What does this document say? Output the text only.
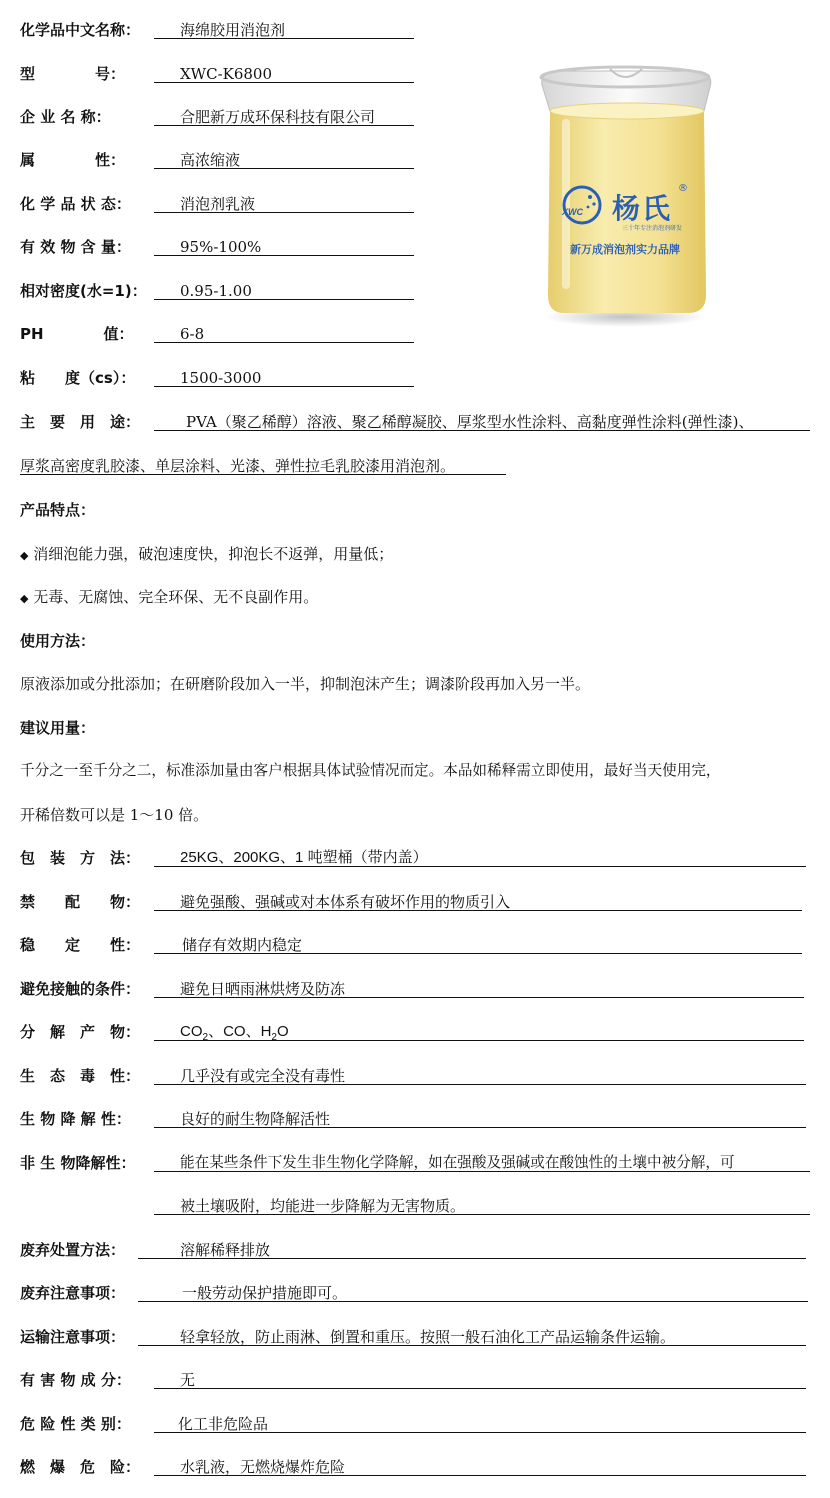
化学品中文名称：	海绵胶用消泡剂
型　　　　号：	XWC-K6800
企 业 名 称：	合肥新万成环保科技有限公司
属　　　　性：	高浓缩液
化 学 品 状 态：	消泡剂乳液
有 效 物 含 量：	95%-100%
相对密度(水=1)： 0.95-1.00
PH　　　　值：	6-8
粘　　度（cs）：	1500-3000
XWC 杨氏
®
三十年专注消泡剂研发
新万成消泡剂实力品牌
主　要　用　途：	PVA（聚乙稀醇）溶液、聚乙稀醇凝胶、厚浆型水性涂料、高黏度弹性涂料(弹性漆)、
厚浆高密度乳胶漆、单层涂料、光漆、弹性拉毛乳胶漆用消泡剂。
产品特点：
◆ 消细泡能力强，破泡速度快，抑泡长不返弹，用量低；
◆ 无毒、无腐蚀、完全环保、无不良副作用。
使用方法：
原液添加或分批添加；在研磨阶段加入一半，抑制泡沫产生；调漆阶段再加入另一半。
建议用量：
千分之一至千分之二，标准添加量由客户根据具体试验情况而定。本品如稀释需立即使用，最好当天使用完，
开稀倍数可以是 1～10 倍。
包　装　方　法：	25KG、200KG、1 吨塑桶（带内盖）
禁　　配　　物：	避免强酸、强碱或对本体系有破坏作用的物质引入
稳　　定　　性：	储存有效期内稳定
避免接触的条件：	避免日晒雨淋烘烤及防冻
分　解　产　物：	$CO_2$、CO、$H_2O$
生　态　毒　性：	几乎没有或完全没有毒性
生 物 降 解 性：	良好的耐生物降解活性
非 生 物降解性：	能在某些条件下发生非生物化学降解，如在强酸及强碱或在酸蚀性的土壤中被分解，可
被土壤吸附，均能进一步降解为无害物质。
废弃处置方法：	溶解稀释排放
废弃注意事项：	一般劳动保护措施即可。
运输注意事项：	轻拿轻放，防止雨淋、倒置和重压。按照一般石油化工产品运输条件运输。
有 害 物 成 分：	无
危 险 性 类 别：	化工非危险品
燃　爆　危　险：	水乳液，无燃烧爆炸危险
